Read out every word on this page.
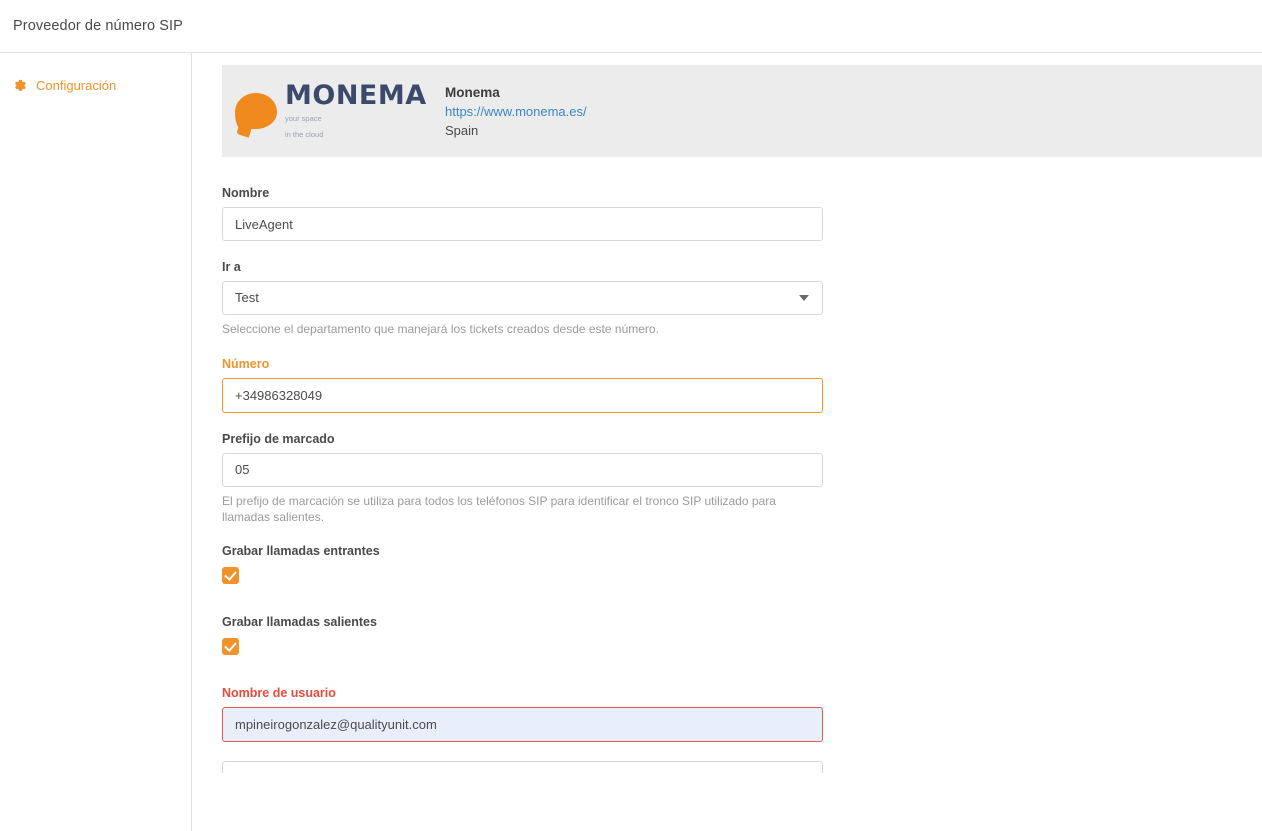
Proveedor de número SIP
Configuración	MONEMA your space
in the cloud
Monema
https://www.monema.es/
Spain
Nombre
LiveAgent
Ir a
Test
Seleccione el departamento que manejará los tickets creados desde este número.
Número
+34986328049
Prefijo de marcado
05
El prefijo de marcación se utiliza para todos los teléfonos SIP para identificar el tronco SIP utilizado para llamadas salientes.
Grabar llamadas entrantes
Grabar llamadas salientes
Nombre de usuario
mpineirogonzalez@qualityunit.com
